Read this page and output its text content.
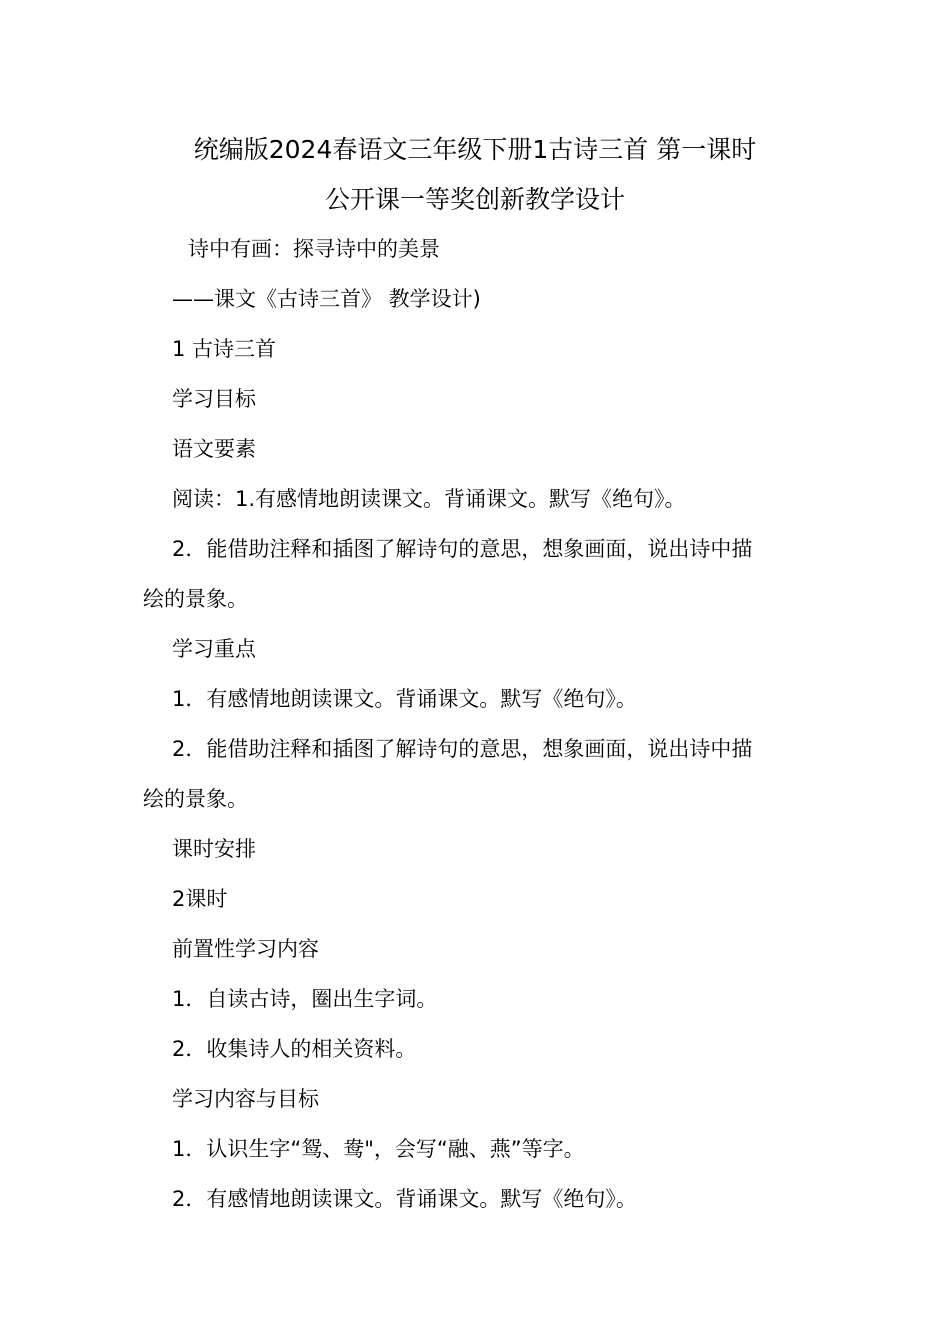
统编版2024春语文三年级下册1古诗三首 第一课时
公开课一等奖创新教学设计

诗中有画：探寻诗中的美景

——课文《古诗三首》 教学设计)

1 古诗三首

学习目标

语文要素

阅读：1.有感情地朗读课文。背诵课文。默写《绝句》。

2．能借助注释和插图了解诗句的意思，想象画面，说出诗中描

绘的景象。

学习重点

1．有感情地朗读课文。背诵课文。默写《绝句》。

2．能借助注释和插图了解诗句的意思，想象画面，说出诗中描

绘的景象。

课时安排

2课时

前置性学习内容

1．自读古诗，圈出生字词。

2．收集诗人的相关资料。

学习内容与目标

1．认识生字“鸳、鸯"，会写“融、燕”等字。

2．有感情地朗读课文。背诵课文。默写《绝句》。
